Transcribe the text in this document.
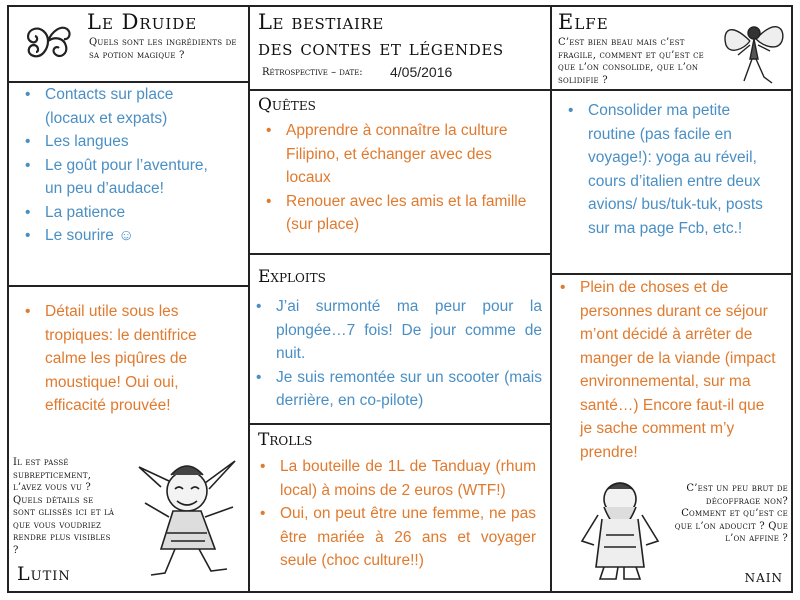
Le Druide
Quels sont les ingrédients de sa potion magique ?
• Contacts sur place (locaux et expats)
• Les langues
• Le goût pour l’aventure, un peu d’audace!
• La patience
• Le sourire ☺
• Détail utile sous les tropiques: le dentifrice calme les piqûres de moustique! Oui oui, efficacité prouvée!
Il est passé subrepticement, l’avez vous vu ? Quels détails se sont glissés ici et là que vous voudriez rendre plus visibles ?
Lutin
Le bestiaire
des contes et légendes
Rétrospective – date: 4/05/2016
Quêtes
• Apprendre à connaître la culture Filipino, et échanger avec des locaux
• Renouer avec les amis et la famille (sur place)
Exploits
• J’ai surmonté ma peur pour la plongée…7 fois! De jour comme de nuit.
• Je suis remontée sur un scooter (mais derrière, en co-pilote)
Trolls
• La bouteille de 1L de Tanduay (rhum local) à moins de 2 euros (WTF!)
• Oui, on peut être une femme, ne pas être mariée à 26 ans et voyager seule (choc culture!!)
Elfe
C’est bien beau mais c’est fragile, comment et qu’est ce que l’on consolide, que l’on solidifie ?
• Consolider ma petite routine (pas facile en voyage!): yoga au réveil, cours d’italien entre deux avions/ bus/tuk-tuk, posts sur ma page Fcb, etc.!
• Plein de choses et de personnes durant ce séjour m’ont décidé à arrêter de manger de la viande (impact environnemental, sur ma santé…) Encore faut-il que je sache comment m’y prendre!
C’est un peu brut de décoffrage non? Comment et qu’est ce que l’on adoucit ? Que l’on affine ?
nain
